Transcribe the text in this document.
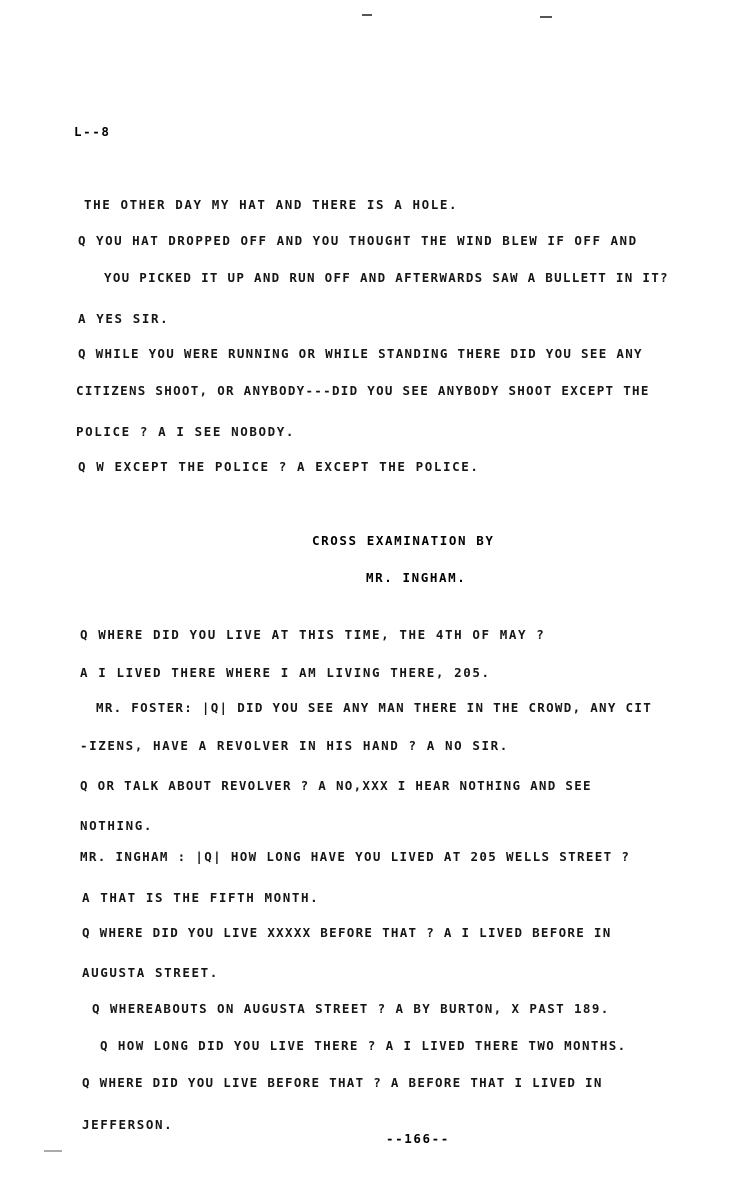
L--8
THE OTHER DAY MY HAT AND THERE IS A HOLE.
Q YOU HAT DROPPED OFF AND YOU THOUGHT THE WIND BLEW IF OFF AND
YOU PICKED IT UP AND RUN OFF AND AFTERWARDS SAW A BULLETT IN IT?
A YES SIR.
Q WHILE YOU WERE RUNNING OR WHILE STANDING THERE DID YOU SEE ANY
CITIZENS SHOOT, OR ANYBODY---DID YOU SEE ANYBODY SHOOT EXCEPT THE
POLICE ? A I SEE NOBODY.
Q W EXCEPT THE POLICE ? A EXCEPT THE POLICE.
CROSS EXAMINATION BY
MR. INGHAM.
Q WHERE DID YOU LIVE AT THIS TIME, THE 4TH OF MAY ?
A I LIVED THERE WHERE I AM LIVING THERE, 205.
MR. FOSTER: |Q| DID YOU SEE ANY MAN THERE IN THE CROWD, ANY CIT
-IZENS, HAVE A REVOLVER IN HIS HAND ? A NO SIR.
Q OR TALK ABOUT REVOLVER ? A NO,XXX I HEAR NOTHING AND SEE
NOTHING.
MR. INGHAM : |Q| HOW LONG HAVE YOU LIVED AT 205 WELLS STREET ?
A THAT IS THE FIFTH MONTH.
Q WHERE DID YOU LIVE XXXXX BEFORE THAT ? A I LIVED BEFORE IN
AUGUSTA STREET.
Q WHEREABOUTS ON AUGUSTA STREET ? A BY BURTON, X PAST 189.
Q HOW LONG DID YOU LIVE THERE ? A I LIVED THERE TWO MONTHS.
Q WHERE DID YOU LIVE BEFORE THAT ? A BEFORE THAT I LIVED IN
JEFFERSON.
--166--
